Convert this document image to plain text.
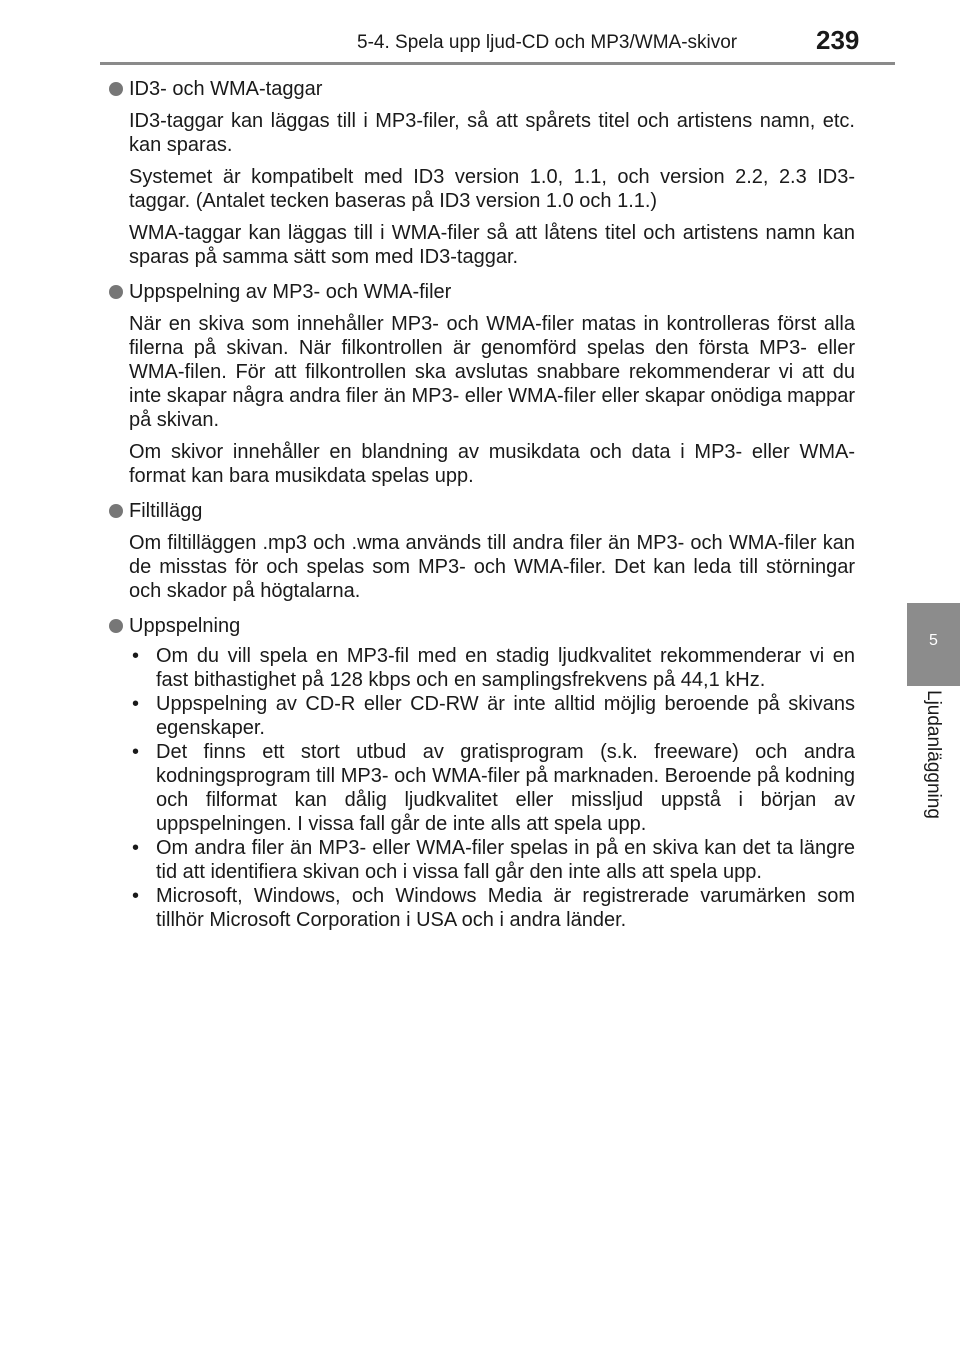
5-4. Spela upp ljud-CD och MP3/WMA-skivor	239
5
Ljudanläggning

ID3- och WMA-taggar

ID3-taggar kan läggas till i MP3-filer, så att spårets titel och artistens namn, etc. kan sparas.

Systemet är kompatibelt med ID3 version 1.0, 1.1, och version 2.2, 2.3 ID3-taggar. (Antalet tecken baseras på ID3 version 1.0 och 1.1.)

WMA-taggar kan läggas till i WMA-filer så att låtens titel och artistens namn kan sparas på samma sätt som med ID3-taggar.

Uppspelning av MP3- och WMA-filer

När en skiva som innehåller MP3- och WMA-filer matas in kontrolleras först alla filerna på skivan. När filkontrollen är genomförd spelas den första MP3- eller WMA-filen. För att filkontrollen ska avslutas snabbare rekommenderar vi att du inte skapar några andra filer än MP3- eller WMA-filer eller skapar onödiga mappar på skivan.

Om skivor innehåller en blandning av musikdata och data i MP3- eller WMA-format kan bara musikdata spelas upp.

Filtillägg

Om filtilläggen .mp3 och .wma används till andra filer än MP3- och WMA-filer kan de misstas för och spelas som MP3- och WMA-filer. Det kan leda till störningar och skador på högtalarna.

Uppspelning

• Om du vill spela en MP3-fil med en stadig ljudkvalitet rekommenderar vi en fast bithastighet på 128 kbps och en samplingsfrekvens på 44,1 kHz.
• Uppspelning av CD-R eller CD-RW är inte alltid möjlig beroende på skivans egenskaper.
• Det finns ett stort utbud av gratisprogram (s.k. freeware) och andra kodningsprogram till MP3- och WMA-filer på marknaden. Beroende på kodning och filformat kan dålig ljudkvalitet eller missljud uppstå i början av uppspelningen. I vissa fall går de inte alls att spela upp.
• Om andra filer än MP3- eller WMA-filer spelas in på en skiva kan det ta längre tid att identifiera skivan och i vissa fall går den inte alls att spela upp.
• Microsoft, Windows, och Windows Media är registrerade varumärken som tillhör Microsoft Corporation i USA och i andra länder.
